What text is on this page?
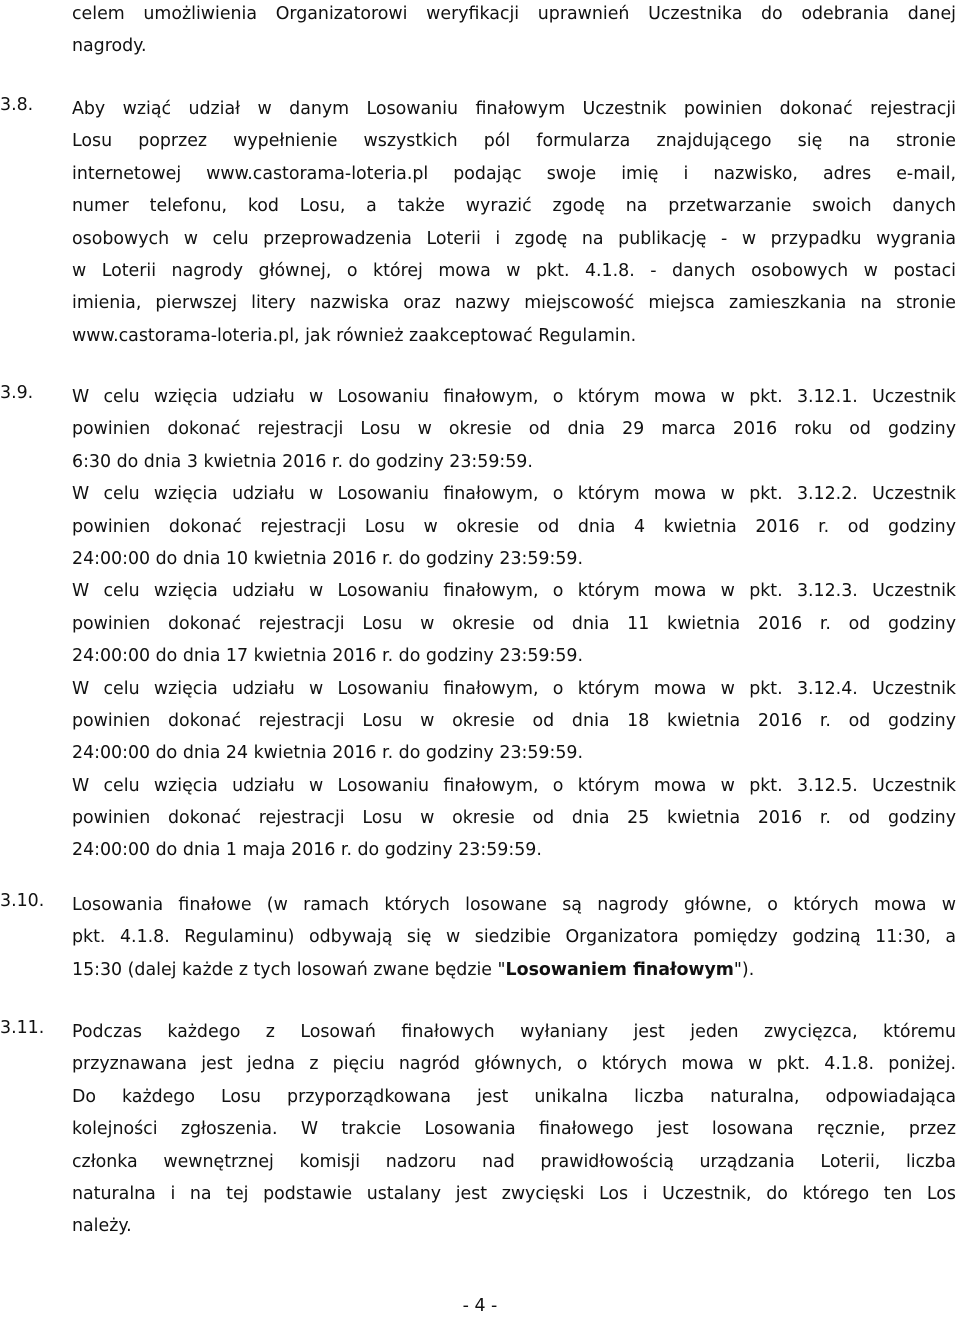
celem umożliwienia Organizatorowi weryfikacji uprawnień Uczestnika do odebrania danej
nagrody.
3.8. Aby wziąć udział w danym Losowaniu finałowym Uczestnik powinien dokonać rejestracji
Losu poprzez wypełnienie wszystkich pól formularza znajdującego się na stronie
internetowej www.castorama-loteria.pl podając swoje imię i nazwisko, adres e-mail,
numer telefonu, kod Losu, a także wyrazić zgodę na przetwarzanie swoich danych
osobowych w celu przeprowadzenia Loterii i zgodę na publikację - w przypadku wygrania
w Loterii nagrody głównej, o której mowa w pkt. 4.1.8. - danych osobowych w postaci
imienia, pierwszej litery nazwiska oraz nazwy miejscowość miejsca zamieszkania na stronie
www.castorama-loteria.pl, jak również zaakceptować Regulamin.
3.9. W celu wzięcia udziału w Losowaniu finałowym, o którym mowa w pkt. 3.12.1. Uczestnik
powinien dokonać rejestracji Losu w okresie od dnia 29 marca 2016 roku od godziny
6:30 do dnia 3 kwietnia 2016 r. do godziny 23:59:59.
W celu wzięcia udziału w Losowaniu finałowym, o którym mowa w pkt. 3.12.2. Uczestnik
powinien dokonać rejestracji Losu w okresie od dnia 4 kwietnia 2016 r. od godziny
24:00:00 do dnia 10 kwietnia 2016 r. do godziny 23:59:59.
W celu wzięcia udziału w Losowaniu finałowym, o którym mowa w pkt. 3.12.3. Uczestnik
powinien dokonać rejestracji Losu w okresie od dnia 11 kwietnia 2016 r. od godziny
24:00:00 do dnia 17 kwietnia 2016 r. do godziny 23:59:59.
W celu wzięcia udziału w Losowaniu finałowym, o którym mowa w pkt. 3.12.4. Uczestnik
powinien dokonać rejestracji Losu w okresie od dnia 18 kwietnia 2016 r. od godziny
24:00:00 do dnia 24 kwietnia 2016 r. do godziny 23:59:59.
W celu wzięcia udziału w Losowaniu finałowym, o którym mowa w pkt. 3.12.5. Uczestnik
powinien dokonać rejestracji Losu w okresie od dnia 25 kwietnia 2016 r. od godziny
24:00:00 do dnia 1 maja 2016 r. do godziny 23:59:59.
3.10. Losowania finałowe (w ramach których losowane są nagrody główne, o których mowa w
pkt. 4.1.8. Regulaminu) odbywają się w siedzibie Organizatora pomiędzy godziną 11:30, a
15:30 (dalej każde z tych losowań zwane będzie "Losowaniem finałowym").
3.11. Podczas każdego z Losowań finałowych wyłaniany jest jeden zwycięzca, któremu
przyznawana jest jedna z pięciu nagród głównych, o których mowa w pkt. 4.1.8. poniżej.
Do każdego Losu przyporządkowana jest unikalna liczba naturalna, odpowiadająca
kolejności zgłoszenia. W trakcie Losowania finałowego jest losowana ręcznie, przez
członka wewnętrznej komisji nadzoru nad prawidłowością urządzania Loterii, liczba
naturalna i na tej podstawie ustalany jest zwycięski Los i Uczestnik, do którego ten Los
należy.
- 4 -
